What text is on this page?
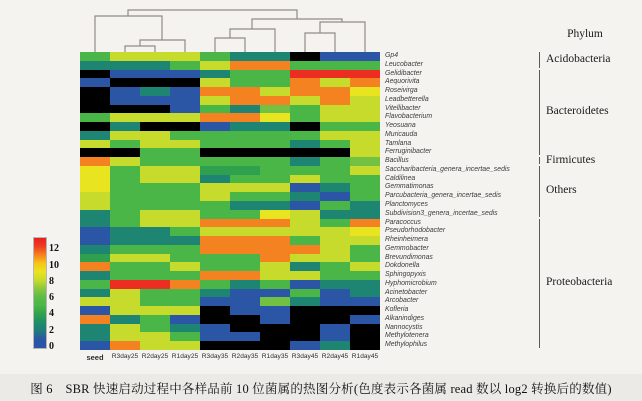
Gp4
Leucobacter
Gelidibacter
Aequorivita
Roseivirga
Leadbetterella
Vitellibacter
Flavobacterium
Yeosuana
Muricauda
Tamlana
Ferruginibacter
Bacillus
Saccharibacteria_genera_incertae_sedis
Caldilinea
Gemmatimonas
Parcubacteria_genera_incertae_sedis
Planctomyces
Subdivision3_genera_incertae_sedis
Paracoccus
Pseudorhodobacter
Rheinheimera
Gemmobacter
Brevundimonas
Dokdonella
Sphingopyxis
Hyphomicrobium
Acinetobacter
Arcobacter
Kofleria
Alkanindiges
Nannocystis
Methylotenera
Methylophilus
Phylum
Acidobacteria
Bacteroidetes
Firmicutes
Others
Proteobacteria
12
10
8
6
4
2
0
seed	R3day25 R2day25 R1day25 R3day35 R2day35 R1day35 R3day45 R2day45 R1day45
图 6　SBR 快速启动过程中各样品前 10 位菌属的热图分析(色度表示各菌属 read 数以 log2 转换后的数值)
